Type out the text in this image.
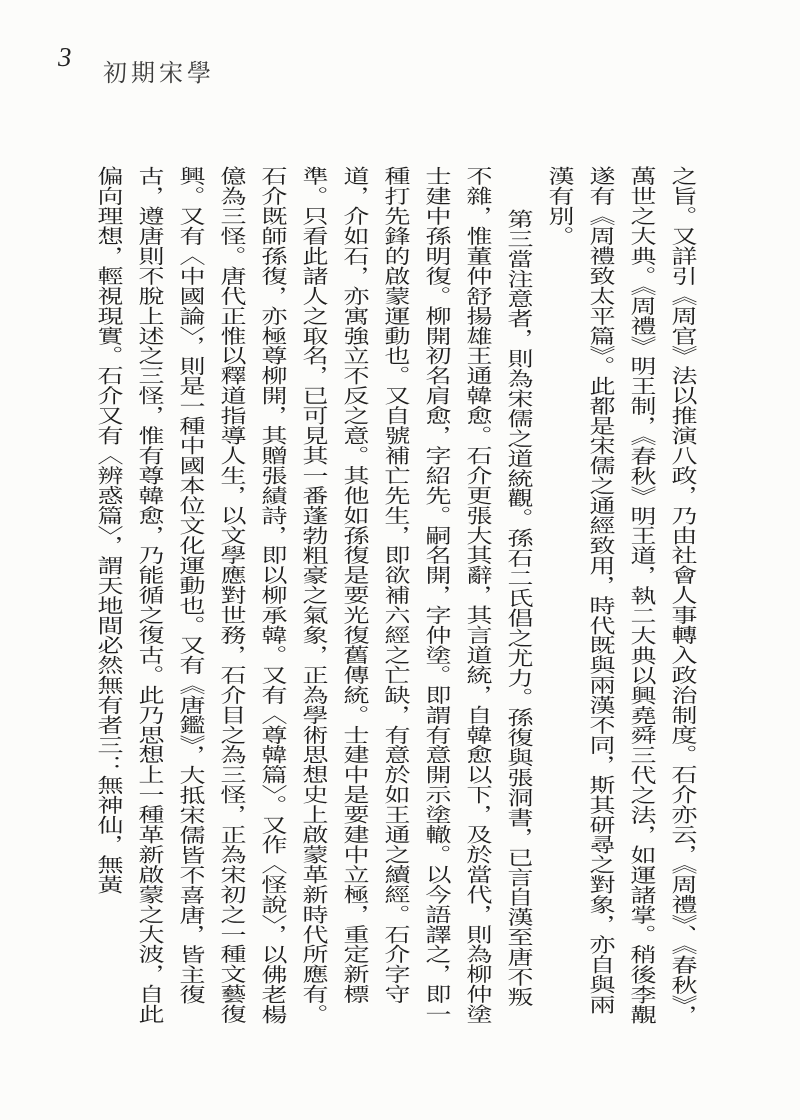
3
初期宋學

之旨。又詳引《周官》法以推演八政，乃由社會人事轉入政治制度。石介亦云，《周禮》、《春秋》，萬世之大典。《周禮》明王制，《春秋》明王道，執二大典以興堯舜三代之法，如運諸掌。稍後李覯遂有《周禮致太平篇》。此都是宋儒之通經致用，時代既與兩漢不同，斯其研尋之對象，亦自與兩漢有別。

第三當注意者，則為宋儒之道統觀。孫石二氏倡之尤力。孫復與張洞書，已言自漢至唐不叛不雜，惟董仲舒揚雄王通韓愈。石介更張大其辭，其言道統，自韓愈以下，及於當代，則為柳仲塗士建中孫明復。柳開初名肩愈，字紹先。嗣名開，字仲塗。即謂有意開示塗轍。以今語譯之，即一種打先鋒的啟蒙運動也。又自號補亡先生，即欲補六經之亡缺，有意於如王通之續經。石介字守道，介如石，亦寓強立不反之意。其他如孫復是要光復舊傳統。士建中是要建中立極，重定新標準。只看此諸人之取名，已可見其一番蓬勃粗豪之氣象，正為學術思想史上啟蒙革新時代所應有。石介既師孫復，亦極尊柳開，其贈張績詩，即以柳承韓。又有〈尊韓篇〉。又作〈怪說〉，以佛老楊億為三怪。唐代正惟以釋道指導人生，以文學應對世務，石介目之為三怪，正為宋初之一種文藝復興。又有〈中國論〉，則是一種中國本位文化運動也。又有《唐鑑》，大抵宋儒皆不喜唐，皆主復古，遵唐則不脫上述之三怪，惟有尊韓愈，乃能循之復古。此乃思想上一種革新啟蒙之大波，自此偏向理想，輕視現實。石介又有〈辨惑篇〉，謂天地間必然無有者三：無神仙，無黃
